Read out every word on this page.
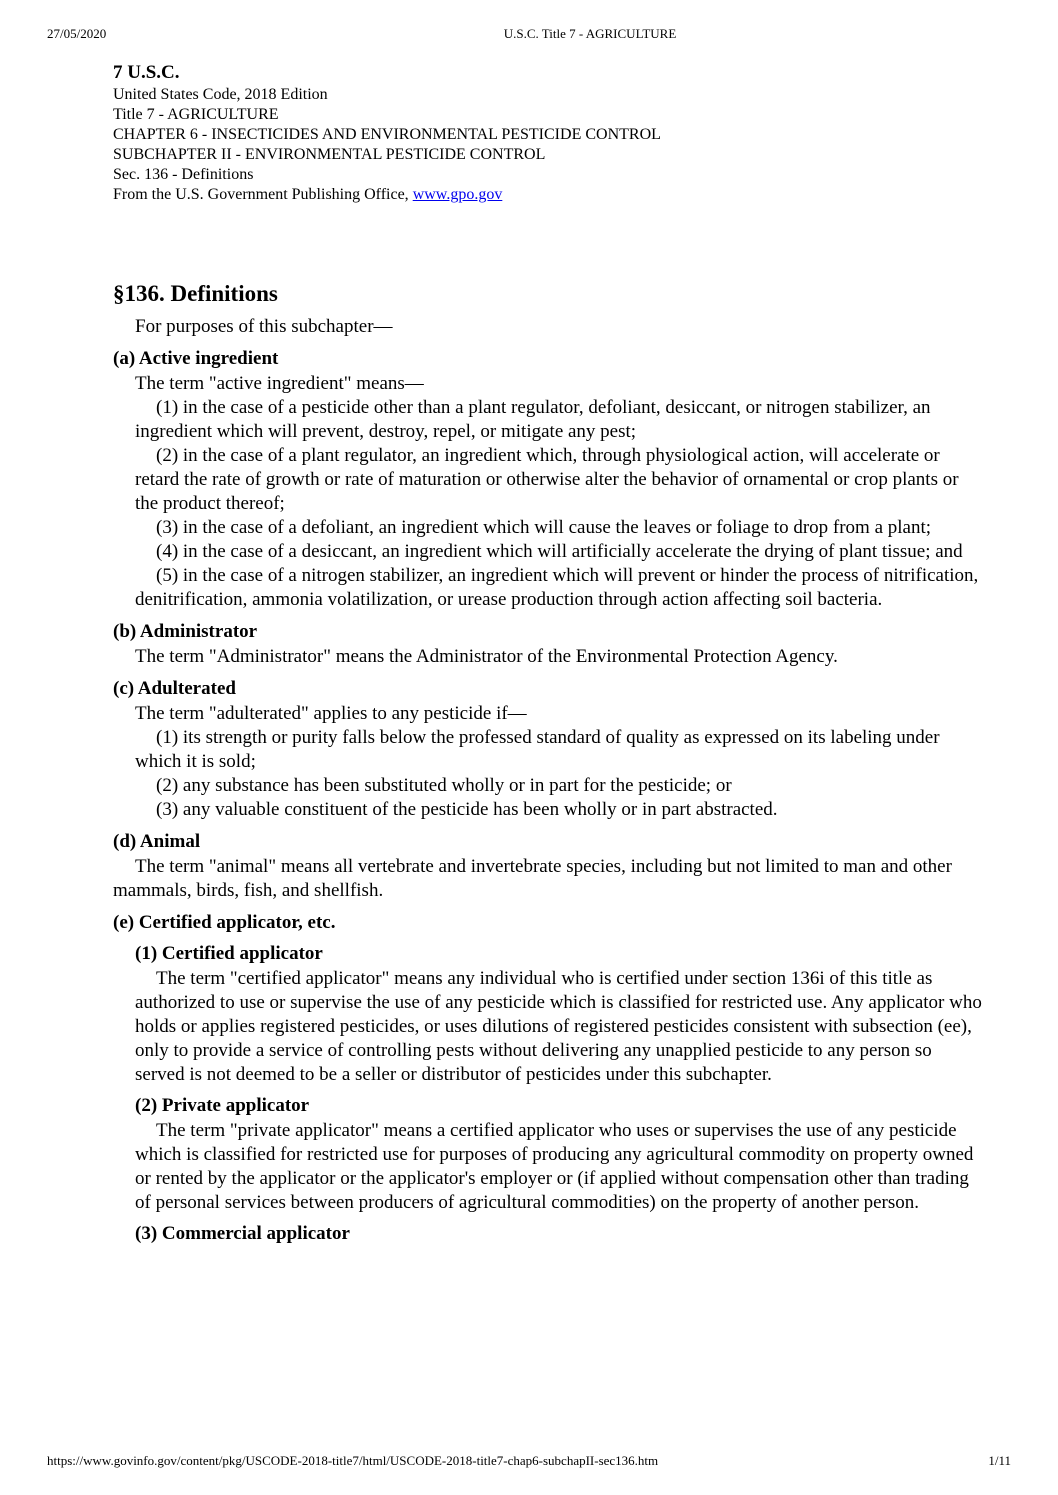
27/05/2020	U.S.C. Title 7 - AGRICULTURE
7 U.S.C.
United States Code, 2018 Edition
Title 7 - AGRICULTURE
CHAPTER 6 - INSECTICIDES AND ENVIRONMENTAL PESTICIDE CONTROL
SUBCHAPTER II - ENVIRONMENTAL PESTICIDE CONTROL
Sec. 136 - Definitions
From the U.S. Government Publishing Office, www.gpo.gov
§136. Definitions

For purposes of this subchapter—

(a) Active ingredient

The term "active ingredient" means—

(1) in the case of a pesticide other than a plant regulator, defoliant, desiccant, or nitrogen stabilizer, an ingredient which will prevent, destroy, repel, or mitigate any pest;

(2) in the case of a plant regulator, an ingredient which, through physiological action, will accelerate or retard the rate of growth or rate of maturation or otherwise alter the behavior of ornamental or crop plants or the product thereof;

(3) in the case of a defoliant, an ingredient which will cause the leaves or foliage to drop from a plant;

(4) in the case of a desiccant, an ingredient which will artificially accelerate the drying of plant tissue; and

(5) in the case of a nitrogen stabilizer, an ingredient which will prevent or hinder the process of nitrification, denitrification, ammonia volatilization, or urease production through action affecting soil bacteria.

(b) Administrator

The term "Administrator" means the Administrator of the Environmental Protection Agency.

(c) Adulterated

The term "adulterated" applies to any pesticide if—

(1) its strength or purity falls below the professed standard of quality as expressed on its labeling under which it is sold;

(2) any substance has been substituted wholly or in part for the pesticide; or

(3) any valuable constituent of the pesticide has been wholly or in part abstracted.

(d) Animal

The term "animal" means all vertebrate and invertebrate species, including but not limited to man and other mammals, birds, fish, and shellfish.

(e) Certified applicator, etc.
(1) Certified applicator

The term "certified applicator" means any individual who is certified under section 136i of this title as authorized to use or supervise the use of any pesticide which is classified for restricted use. Any applicator who holds or applies registered pesticides, or uses dilutions of registered pesticides consistent with subsection (ee), only to provide a service of controlling pests without delivering any unapplied pesticide to any person so served is not deemed to be a seller or distributor of pesticides under this subchapter.

(2) Private applicator

The term "private applicator" means a certified applicator who uses or supervises the use of any pesticide which is classified for restricted use for purposes of producing any agricultural commodity on property owned or rented by the applicator or the applicator's employer or (if applied without compensation other than trading of personal services between producers of agricultural commodities) on the property of another person.

(3) Commercial applicator
https://www.govinfo.gov/content/pkg/USCODE-2018-title7/html/USCODE-2018-title7-chap6-subchapII-sec136.htm	1/11
